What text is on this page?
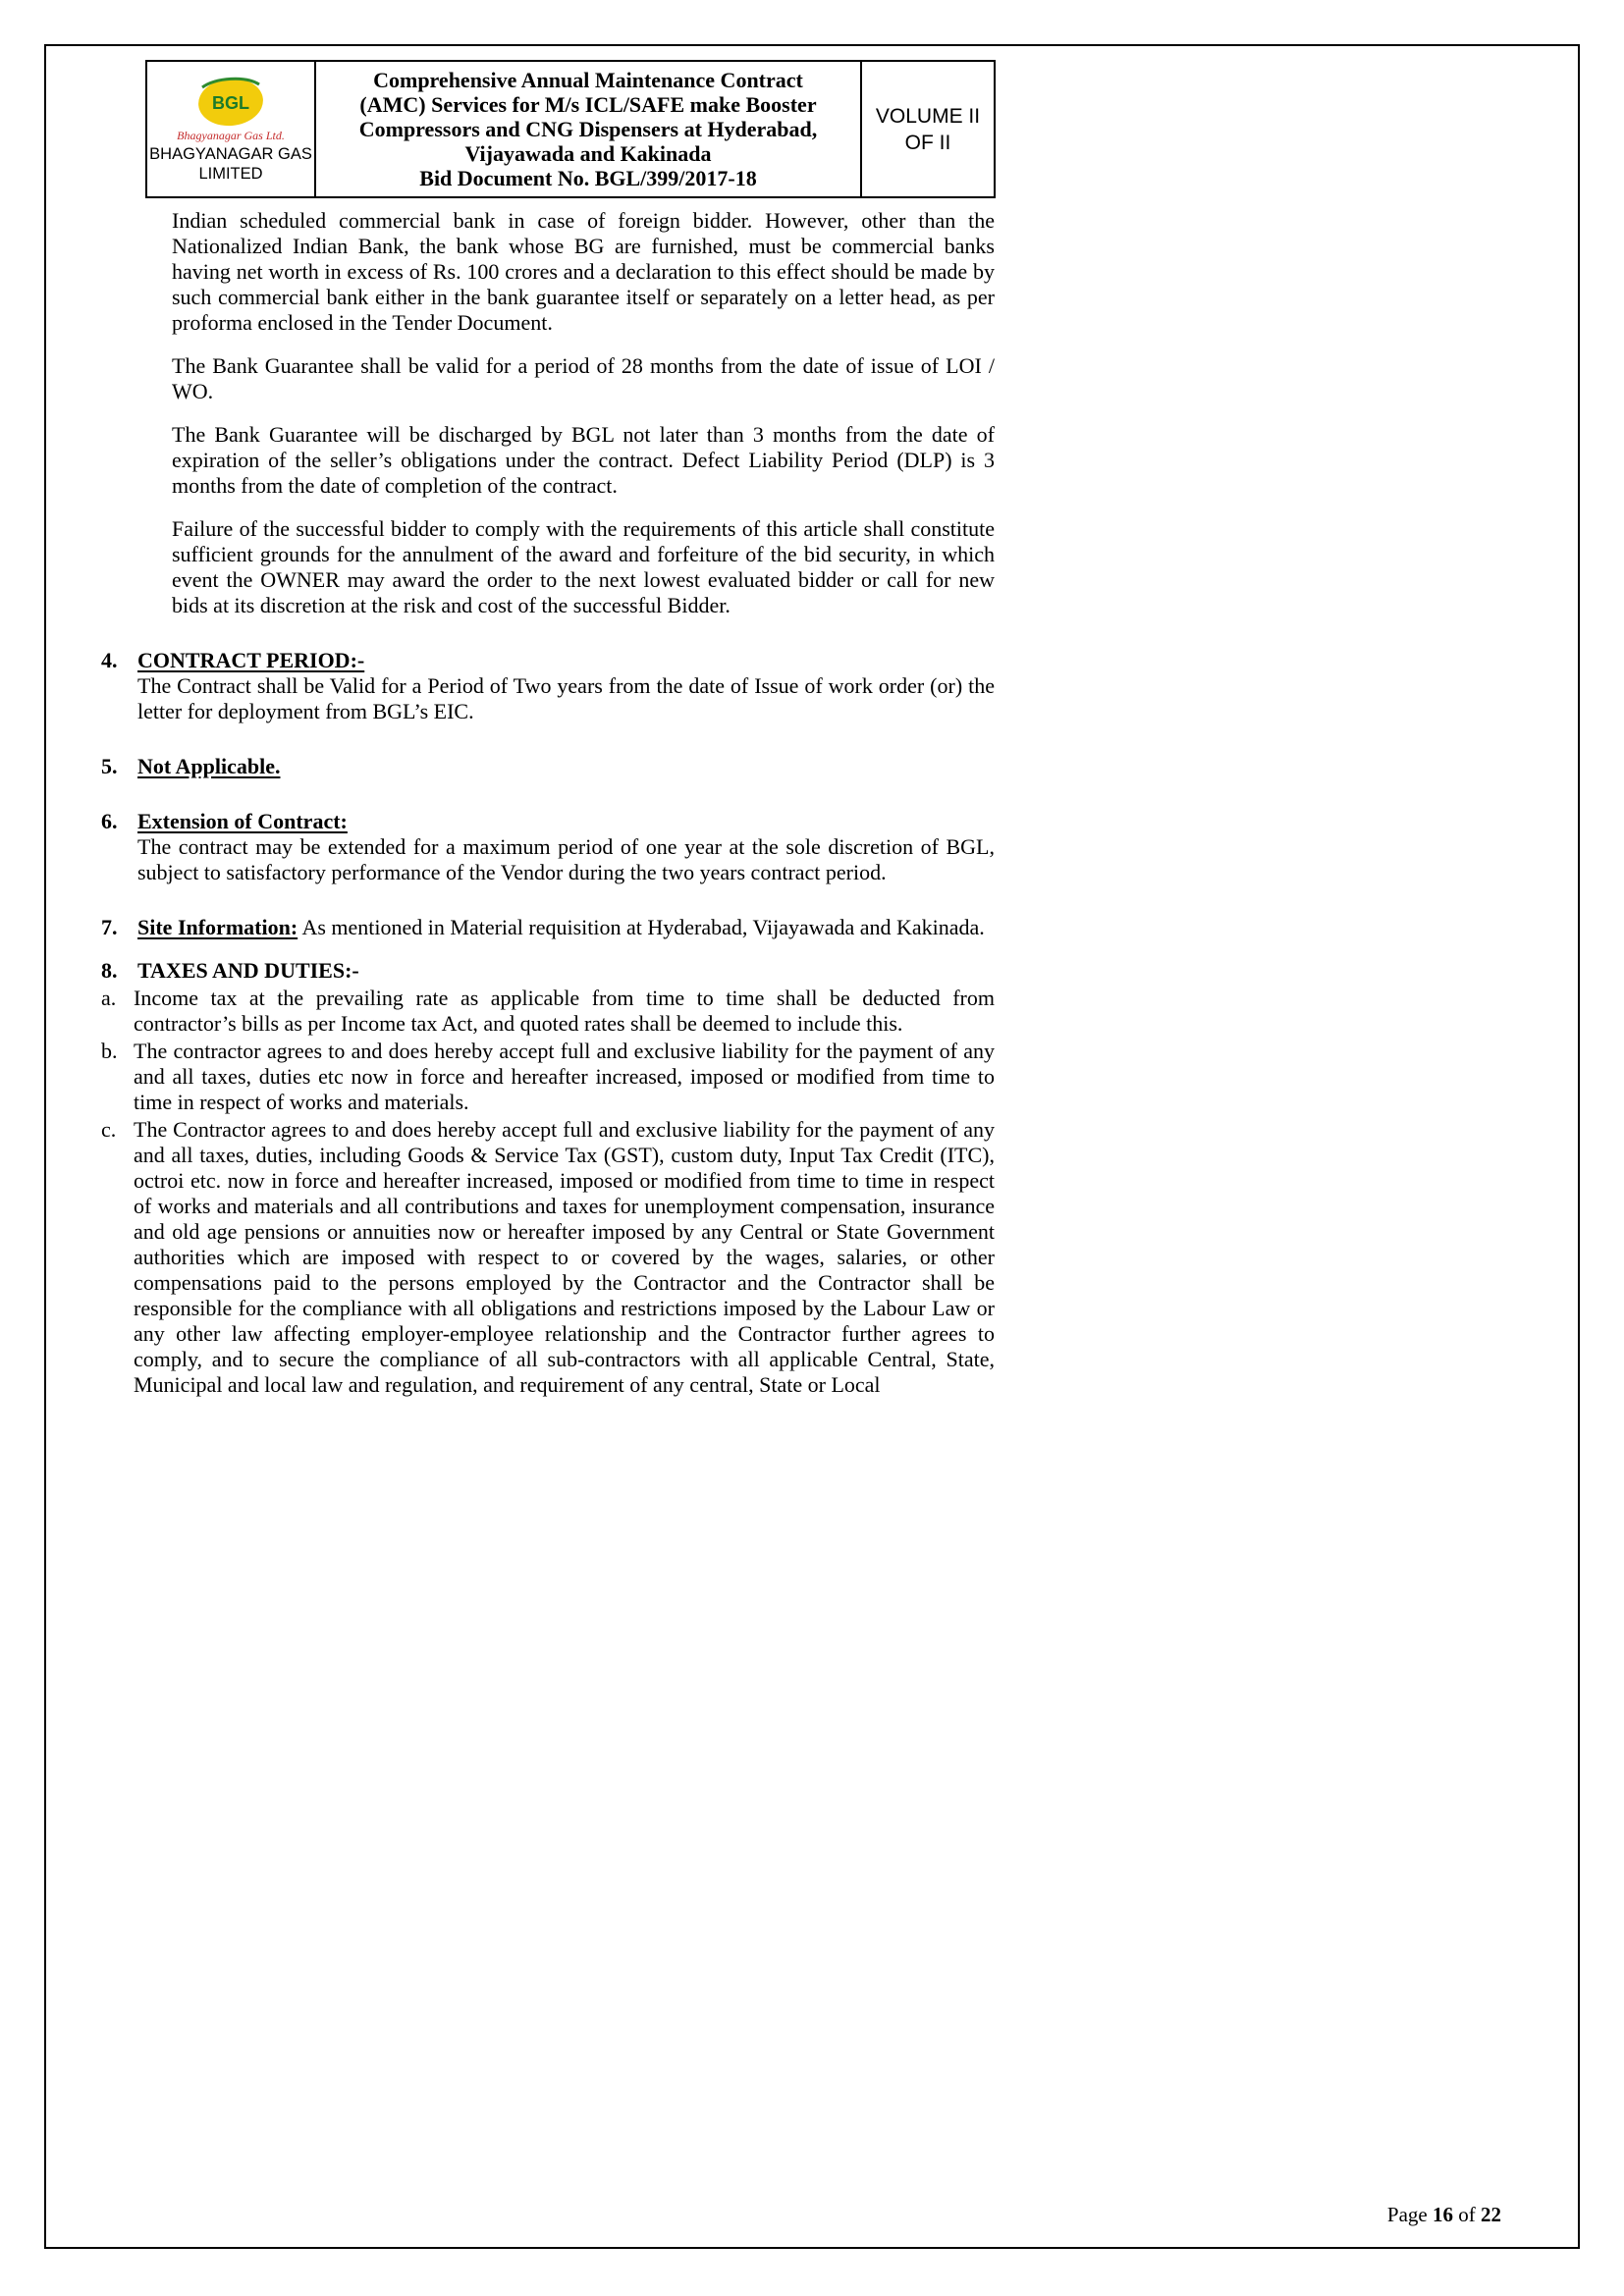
BGL
Bhagyanagar Gas Ltd.
BHAGYANAGAR GAS
LIMITED
Comprehensive Annual Maintenance Contract
(AMC) Services for M/s ICL/SAFE make Booster
Compressors and CNG Dispensers at Hyderabad,
Vijayawada and Kakinada
Bid Document No. BGL/399/2017-18
VOLUME II
OF II

Indian scheduled commercial bank in case of foreign bidder. However, other than the Nationalized Indian Bank, the bank whose BG are furnished, must be commercial banks having net worth in excess of Rs. 100 crores and a declaration to this effect should be made by such commercial bank either in the bank guarantee itself or separately on a letter head, as per proforma enclosed in the Tender Document.

The Bank Guarantee shall be valid for a period of 28 months from the date of issue of LOI / WO.

The Bank Guarantee will be discharged by BGL not later than 3 months from the date of expiration of the seller’s obligations under the contract. Defect Liability Period (DLP) is 3 months from the date of completion of the contract.

Failure of the successful bidder to comply with the requirements of this article shall constitute sufficient grounds for the annulment of the award and forfeiture of the bid security, in which event the OWNER may award the order to the next lowest evaluated bidder or call for new bids at its discretion at the risk and cost of the successful Bidder.

4. CONTRACT PERIOD:-

The Contract shall be Valid for a Period of Two years from the date of Issue of work order (or) the letter for deployment from BGL’s EIC.

5. Not Applicable.
6. Extension of Contract:

The contract may be extended for a maximum period of one year at the sole discretion of BGL, subject to satisfactory performance of the Vendor during the two years contract period.

7. Site Information: As mentioned in Material requisition at Hyderabad, Vijayawada and Kakinada.
8. TAXES AND DUTIES:-
a. Income tax at the prevailing rate as applicable from time to time shall be deducted from contractor’s bills as per Income tax Act, and quoted rates shall be deemed to include this.
b. The contractor agrees to and does hereby accept full and exclusive liability for the payment of any and all taxes, duties etc now in force and hereafter increased, imposed or modified from time to time in respect of works and materials.
c. The Contractor agrees to and does hereby accept full and exclusive liability for the payment of any and all taxes, duties, including Goods & Service Tax (GST), custom duty, Input Tax Credit (ITC), octroi etc. now in force and hereafter increased, imposed or modified from time to time in respect of works and materials and all contributions and taxes for unemployment compensation, insurance and old age pensions or annuities now or hereafter imposed by any Central or State Government authorities which are imposed with respect to or covered by the wages, salaries, or other compensations paid to the persons employed by the Contractor and the Contractor shall be responsible for the compliance with all obligations and restrictions imposed by the Labour Law or any other law affecting employer-employee relationship and the Contractor further agrees to comply, and to secure the compliance of all sub-contractors with all applicable Central, State, Municipal and local law and regulation, and requirement of any central, State or Local
Page 16 of 22
